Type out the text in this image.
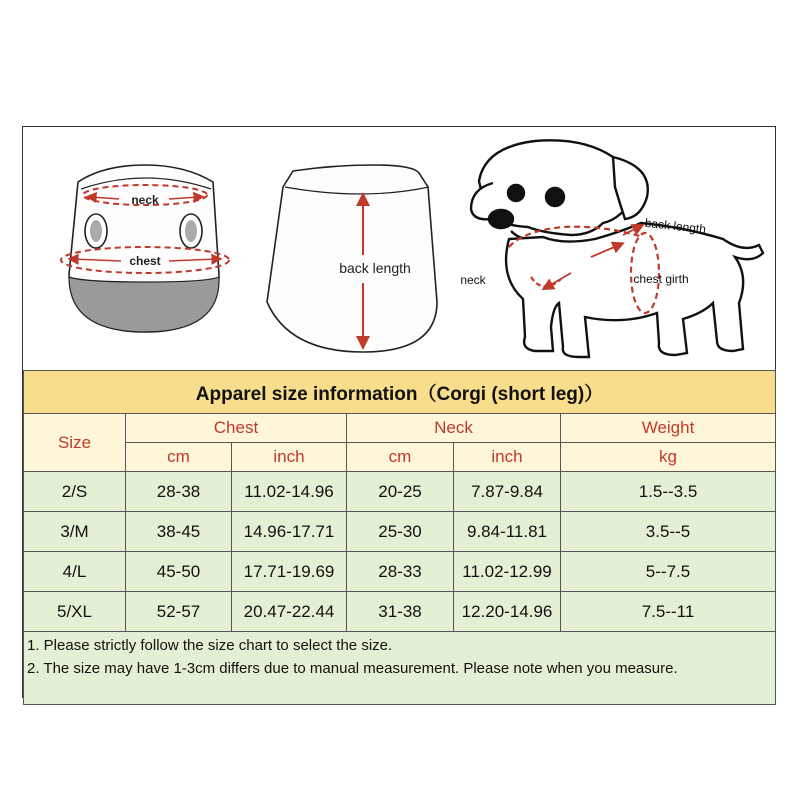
neck
chest	back length
back length
neck	chest girth
Apparel size information（Corgi (short leg)）					
Size	Chest		Neck		Weight
	cm	inch	cm	inch	kg
2/S	28-38	11.02-14.96	20-25	7.87-9.84	1.5--3.5
3/M	38-45	14.96-17.71	25-30	9.84-11.81	3.5--5
4/L	45-50	17.71-19.69	28-33	11.02-12.99	5--7.5
5/XL	52-57	20.47-22.44	31-38	12.20-14.96	7.5--11

1. Please strictly follow the size chart to select the size.
2. The size may have 1-3cm differs due to manual measurement. Please note when you measure.					
